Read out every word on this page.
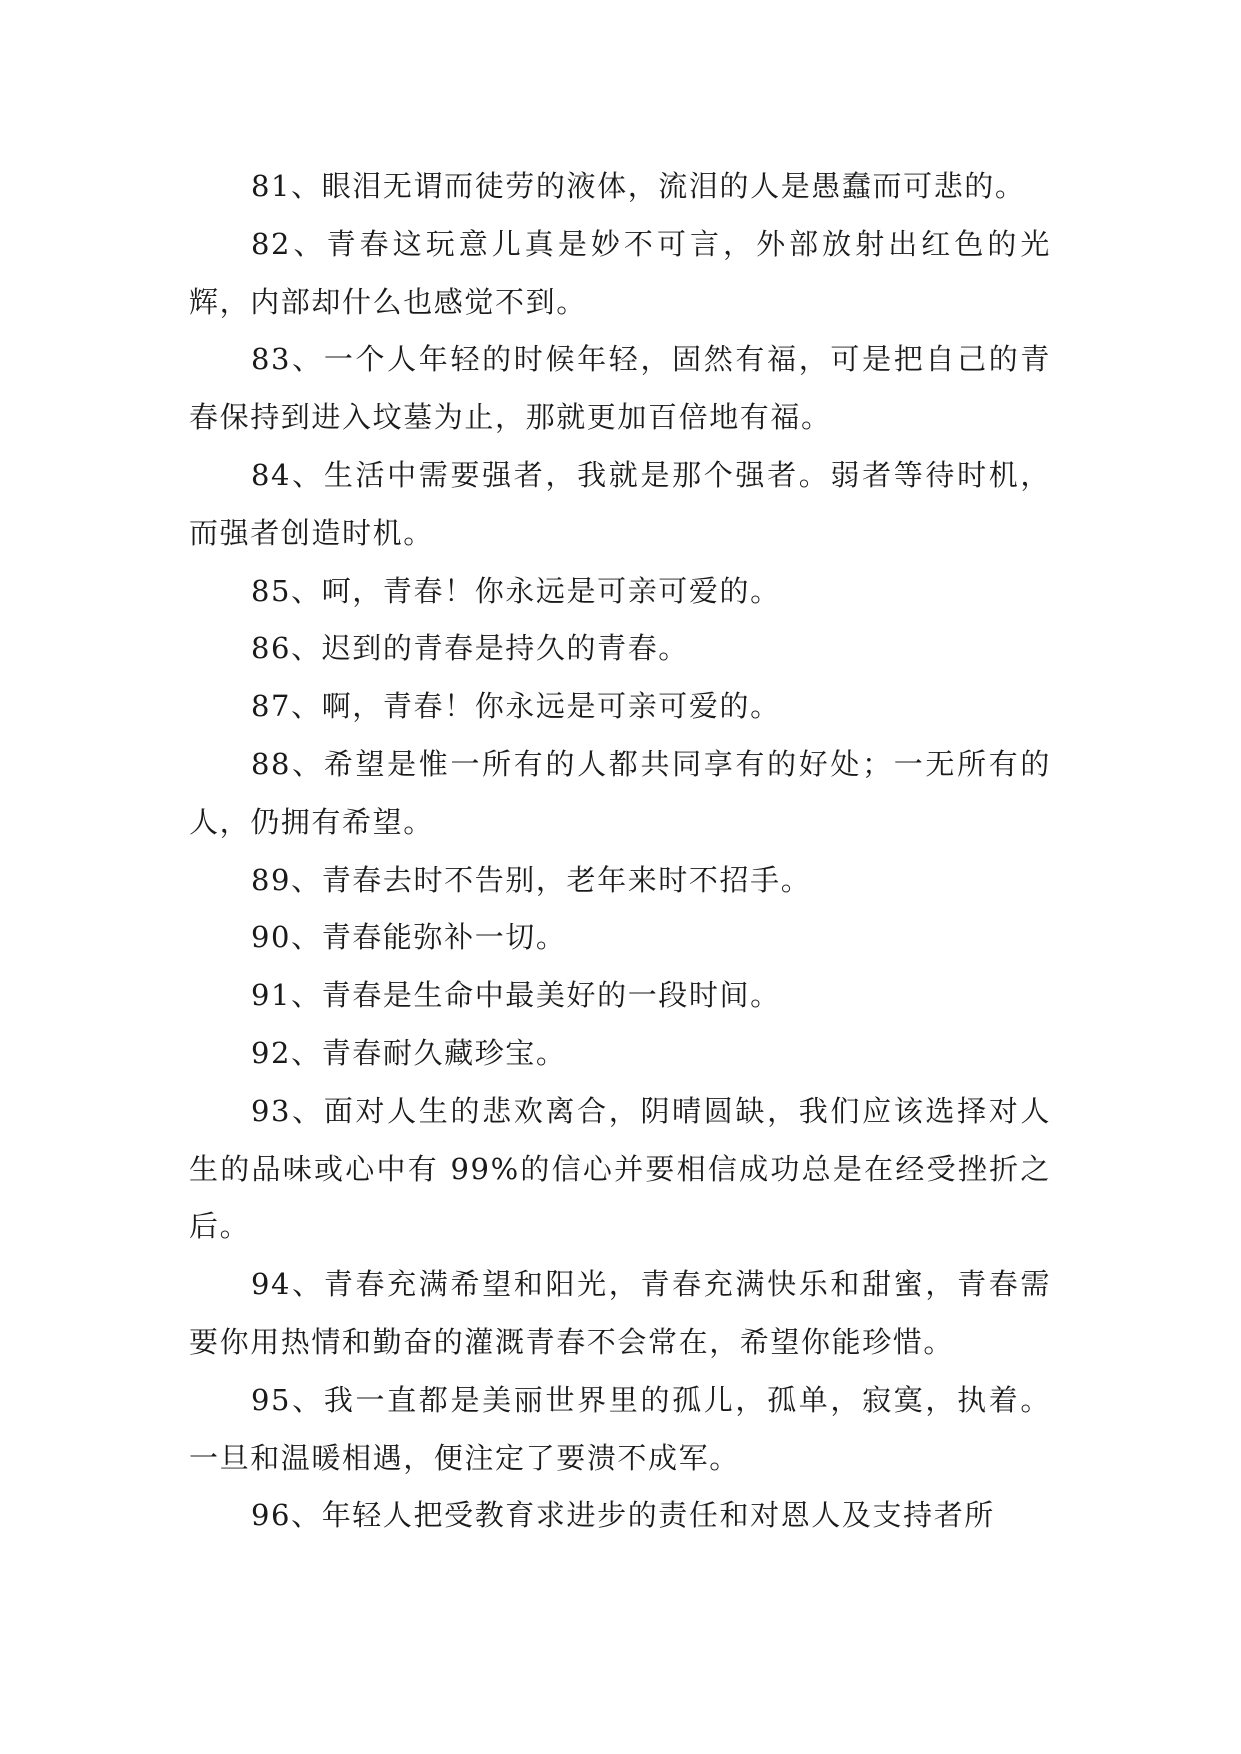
81、眼泪无谓而徒劳的液体，流泪的人是愚蠢而可悲的。

82、青春这玩意儿真是妙不可言，外部放射出红色的光辉，内部却什么也感觉不到。

83、一个人年轻的时候年轻，固然有福，可是把自己的青春保持到进入坟墓为止，那就更加百倍地有福。

84、生活中需要强者，我就是那个强者。弱者等待时机，而强者创造时机。

85、呵，青春！你永远是可亲可爱的。

86、迟到的青春是持久的青春。

87、啊，青春！你永远是可亲可爱的。

88、希望是惟一所有的人都共同享有的好处；一无所有的人，仍拥有希望。

89、青春去时不告别，老年来时不招手。

90、青春能弥补一切。

91、青春是生命中最美好的一段时间。

92、青春耐久藏珍宝。

93、面对人生的悲欢离合，阴晴圆缺，我们应该选择对人生的品味或心中有 99%的信心并要相信成功总是在经受挫折之后。

94、青春充满希望和阳光，青春充满快乐和甜蜜，青春需要你用热情和勤奋的灌溉青春不会常在，希望你能珍惜。

95、我一直都是美丽世界里的孤儿，孤单，寂寞，执着。一旦和温暖相遇，便注定了要溃不成军。

96、年轻人把受教育求进步的责任和对恩人及支持者所
